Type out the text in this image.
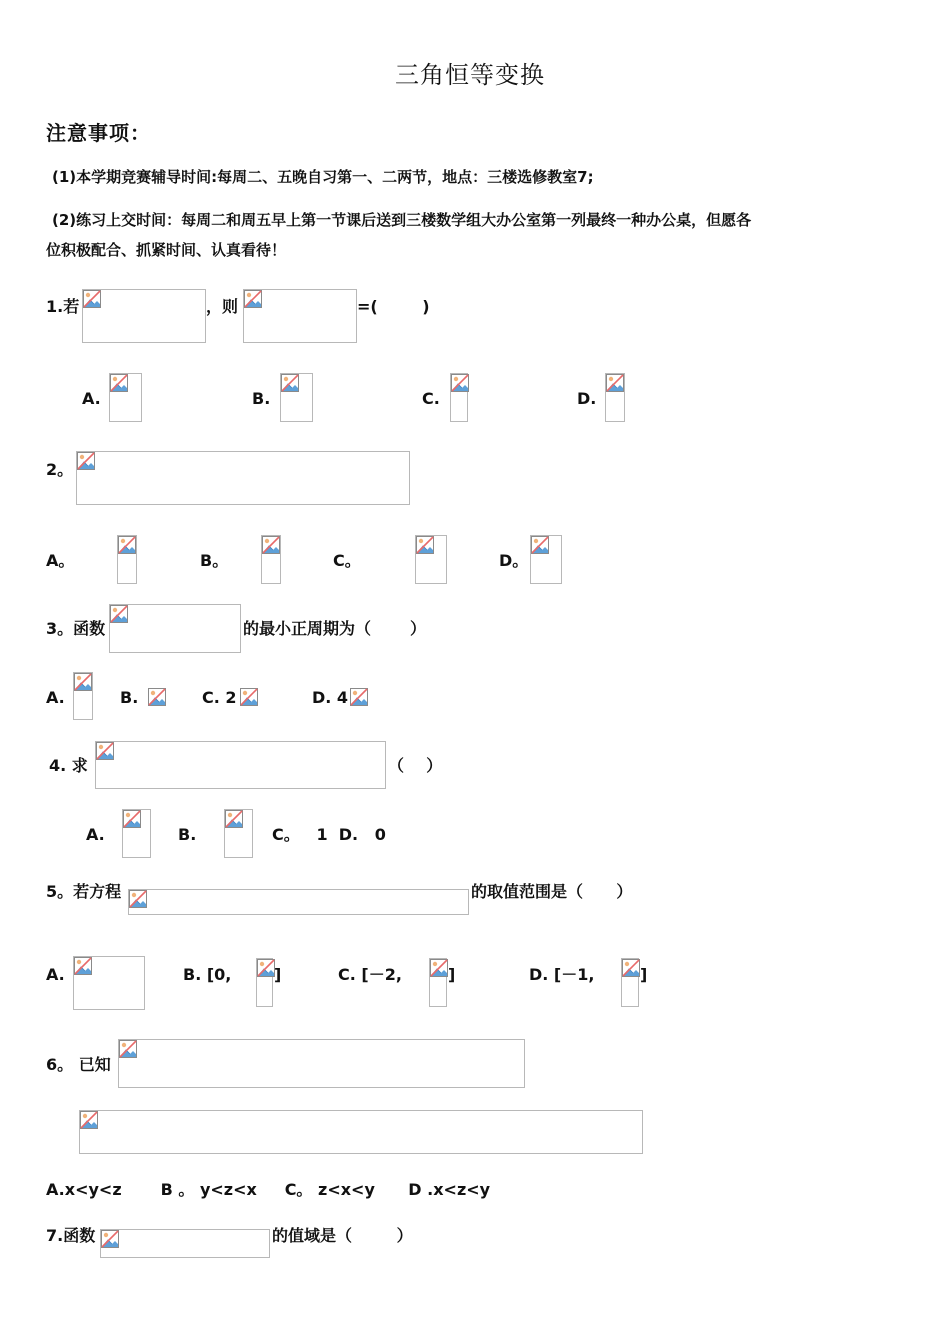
三角恒等变换
注意事项：
(1)本学期竞赛辅导时间:每周二、五晚自习第一、二两节，地点：三楼选修教室7;
(2)练习上交时间：每周二和周五早上第一节课后送到三楼数学组大办公室第一列最终一种办公桌，但愿各
位积极配合、抓紧时间、认真看待！
1.若	，则	=(        )
A.	B.	C.	D.
2。
A。	B。	C。	D。
3。函数	的最小正周期为（       ）
A.	B.	C. 2	D. 4
4. 求	（    ）
A.	B.	C。   1  D.   0
5。若方程	的取值范围是（      ）
A.	B. [0,	]	C. [－2,	]	D. [－1,	]
6。 已知
A.x<y<z       B 。 y<z<x     C。 z<x<y      D .x<z<y
7.函数	的值域是（        ）
